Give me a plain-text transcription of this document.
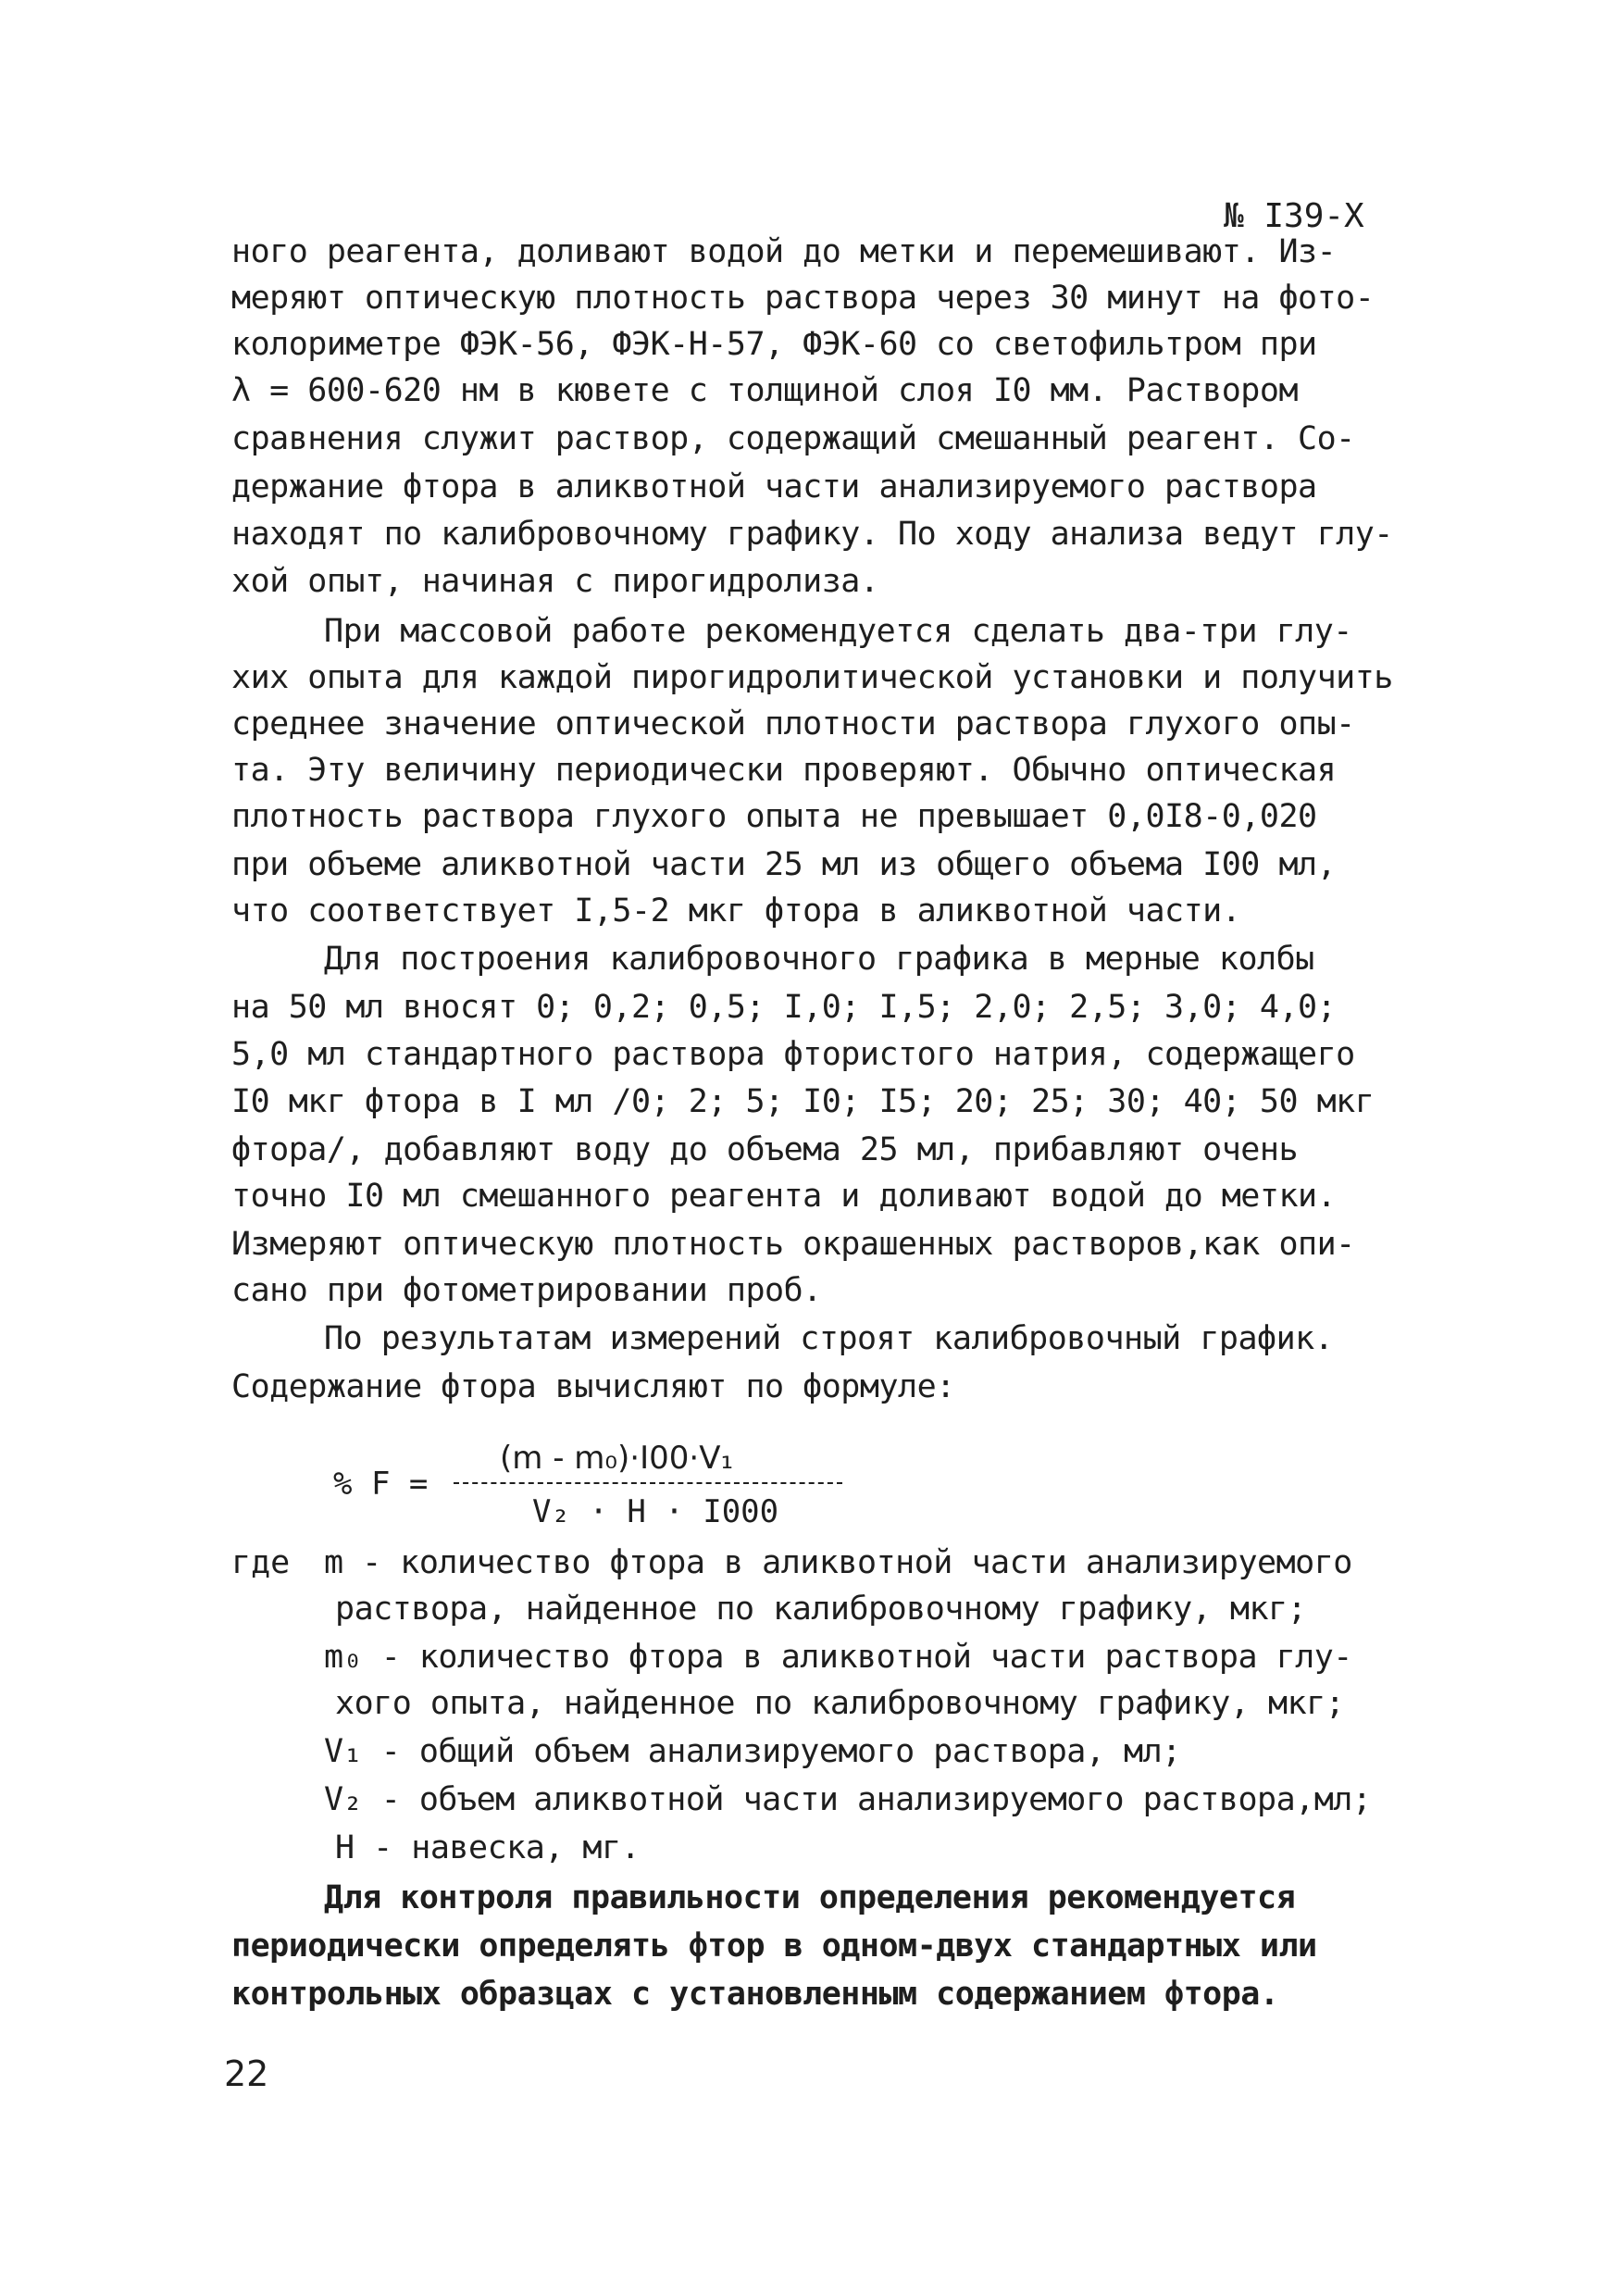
№ I39-X
ного реагента, доливают водой до метки и перемешивают. Из-
меряют оптическую плотность раствора через 30 минут на фото-
колориметре ФЭК-56, ФЭК-Н-57, ФЭК-60 со светофильтром при
λ = 600-620 нм в кювете с толщиной слоя I0 мм. Раствором
сравнения служит раствор, содержащий смешанный реагент. Со-
держание фтора в аликвотной части анализируемого раствора
находят по калибровочному графику. По ходу анализа ведут глу-
хой опыт, начиная с пирогидролиза.
При массовой работе рекомендуется сделать два-три глу-
хих опыта для каждой пирогидролитической установки и получить
среднее значение оптической плотности раствора глухого опы-
та. Эту величину периодически проверяют. Обычно оптическая
плотность раствора глухого опыта не превышает 0,0I8-0,020
при объеме аликвотной части 25 мл из общего объема I00 мл,
что соответствует I,5-2 мкг фтора в аликвотной части.
Для построения калибровочного графика в мерные колбы
на 50 мл вносят 0; 0,2; 0,5; I,0; I,5; 2,0; 2,5; 3,0; 4,0;
5,0 мл стандартного раствора фтористого натрия, содержащего
I0 мкг фтора в I мл /0; 2; 5; I0; I5; 20; 25; 30; 40; 50 мкг
фтора/, добавляют воду до объема 25 мл, прибавляют очень
точно I0 мл смешанного реагента и доливают водой до метки.
Измеряют оптическую плотность окрашенных растворов,как опи-
сано при фотометрировании проб.
По результатам измерений строят калибровочный график.
Содержание фтора вычисляют по формуле:
% F =
(m - m₀)·I00·V₁
V₂ · H · I000
где m - количество фтора в аликвотной части анализируемого
раствора, найденное по калибровочному графику, мкг;
m₀ - количество фтора в аликвотной части раствора глу-
хого опыта, найденное по калибровочному графику, мкг;
V₁ - общий объем анализируемого раствора, мл;
V₂ - объем аликвотной части анализируемого раствора,мл;
H - навеска, мг.
Для контроля правильности определения рекомендуется
периодически определять фтор в одном-двух стандартных или
контрольных образцах с установленным содержанием фтора.
22
